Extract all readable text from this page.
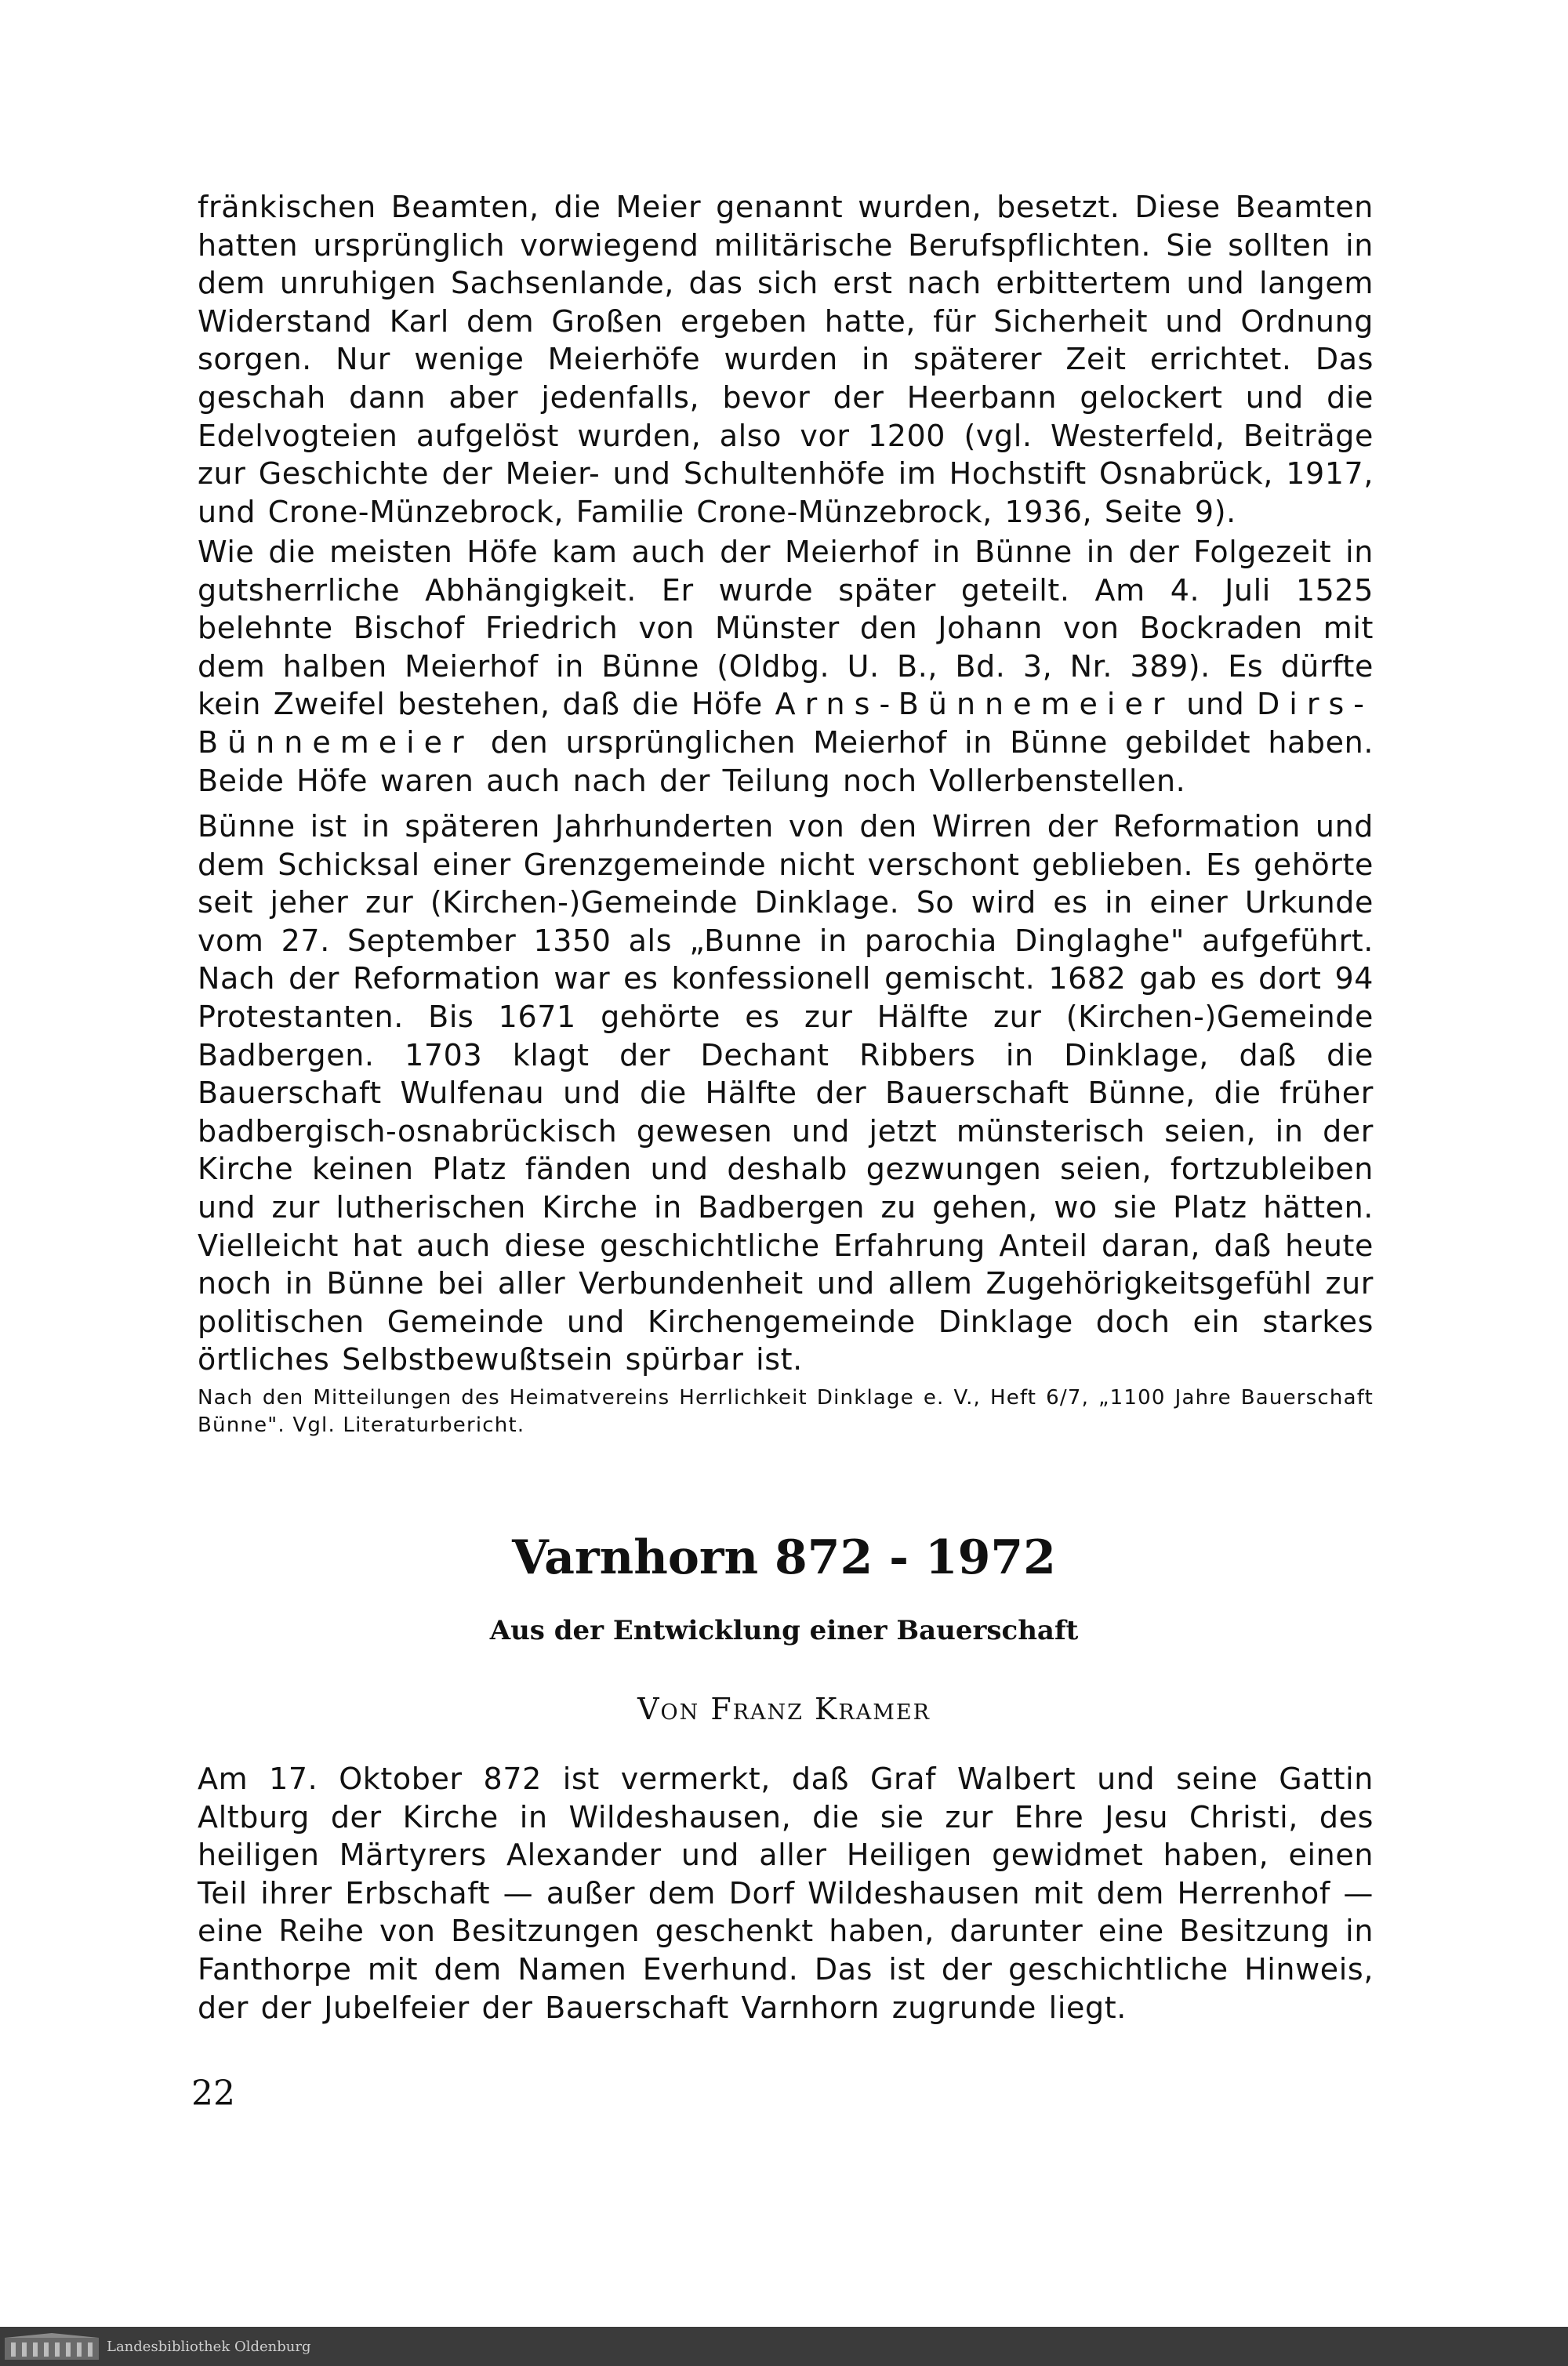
fränkischen Beamten, die Meier genannt wurden, besetzt. Diese Beamten hatten ursprünglich vorwiegend militärische Berufspflichten. Sie sollten in dem unruhigen Sachsenlande, das sich erst nach erbittertem und langem Widerstand Karl dem Großen ergeben hatte, für Sicherheit und Ordnung sorgen. Nur wenige Meierhöfe wurden in späterer Zeit errichtet. Das geschah dann aber jedenfalls, bevor der Heerbann gelockert und die Edelvogteien aufgelöst wurden, also vor 1200 (vgl. Westerfeld, Beiträge zur Geschichte der Meier- und Schultenhöfe im Hochstift Osnabrück, 1917, und Crone-Münzebrock, Familie Crone-Münzebrock, 1936, Seite 9).

Wie die meisten Höfe kam auch der Meierhof in Bünne in der Folgezeit in gutsherrliche Abhängigkeit. Er wurde später geteilt. Am 4. Juli 1525 belehnte Bischof Friedrich von Münster den Johann von Bockraden mit dem halben Meierhof in Bünne (Oldbg. U. B., Bd. 3, Nr. 389). Es dürfte kein Zweifel bestehen, daß die Höfe Arns-Bünnemeier und Dirs-Bünnemeier den ursprünglichen Meierhof in Bünne gebildet haben. Beide Höfe waren auch nach der Teilung noch Vollerbenstellen.

Bünne ist in späteren Jahrhunderten von den Wirren der Reformation und dem Schicksal einer Grenzgemeinde nicht verschont geblieben. Es gehörte seit jeher zur (Kirchen-)Gemeinde Dinklage. So wird es in einer Urkunde vom 27. September 1350 als „Bunne in parochia Dinglaghe" aufgeführt. Nach der Reformation war es konfessionell gemischt. 1682 gab es dort 94 Protestanten. Bis 1671 gehörte es zur Hälfte zur (Kirchen-)Gemeinde Badbergen. 1703 klagt der Dechant Ribbers in Dinklage, daß die Bauerschaft Wulfenau und die Hälfte der Bauerschaft Bünne, die früher badbergisch-osnabrückisch gewesen und jetzt münsterisch seien, in der Kirche keinen Platz fänden und deshalb gezwungen seien, fortzubleiben und zur lutherischen Kirche in Badbergen zu gehen, wo sie Platz hätten. Vielleicht hat auch diese geschichtliche Erfahrung Anteil daran, daß heute noch in Bünne bei aller Verbundenheit und allem Zugehörigkeitsgefühl zur politischen Gemeinde und Kirchengemeinde Dinklage doch ein starkes örtliches Selbstbewußtsein spürbar ist.

Nach den Mitteilungen des Heimatvereins Herrlichkeit Dinklage e. V., Heft 6/7, „1100 Jahre Bauerschaft Bünne". Vgl. Literaturbericht.

Varnhorn 872 - 1972
Aus der Entwicklung einer Bauerschaft
Von Franz Kramer

Am 17. Oktober 872 ist vermerkt, daß Graf Walbert und seine Gattin Altburg der Kirche in Wildeshausen, die sie zur Ehre Jesu Christi, des heiligen Märtyrers Alexander und aller Heiligen gewidmet haben, einen Teil ihrer Erbschaft — außer dem Dorf Wildeshausen mit dem Herrenhof — eine Reihe von Besitzungen geschenkt haben, darunter eine Besitzung in Fanthorpe mit dem Namen Everhund. Das ist der geschichtliche Hinweis, der der Jubelfeier der Bauerschaft Varnhorn zugrunde liegt.

22
Landesbibliothek Oldenburg
